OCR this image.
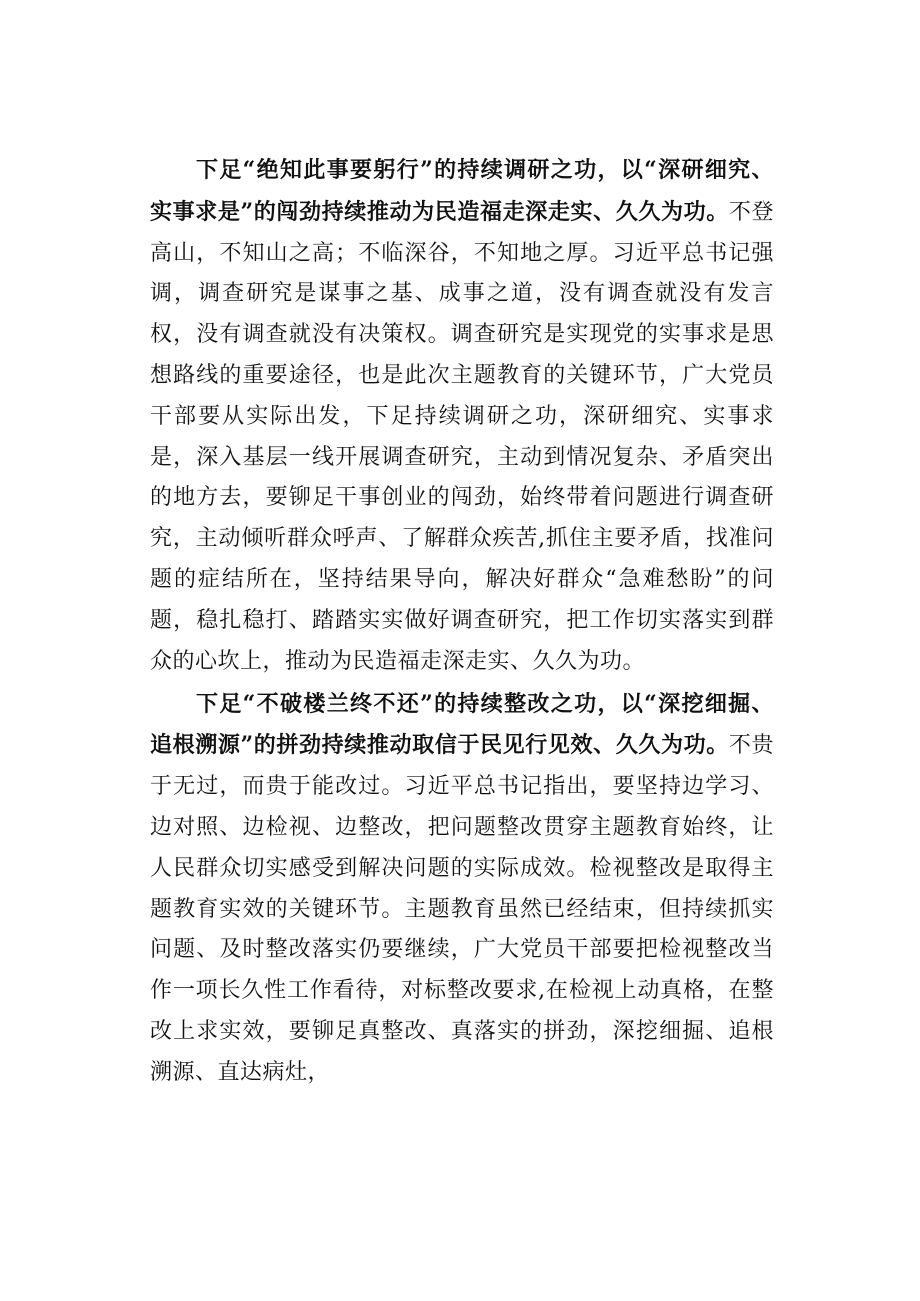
下足“绝知此事要躬行”的持续调研之功，以“深研细究、实事求是”的闯劲持续推动为民造福走深走实、久久为功。不登高山，不知山之高；不临深谷，不知地之厚。习近平总书记强调，调查研究是谋事之基、成事之道，没有调查就没有发言权，没有调查就没有决策权。调查研究是实现党的实事求是思想路线的重要途径，也是此次主题教育的关键环节，广大党员干部要从实际出发，下足持续调研之功，深研细究、实事求是，深入基层一线开展调查研究，主动到情况复杂、矛盾突出的地方去，要铆足干事创业的闯劲，始终带着问题进行调查研究，主动倾听群众呼声、了解群众疾苦,抓住主要矛盾，找准问题的症结所在，坚持结果导向，解决好群众“急难愁盼”的问题，稳扎稳打、踏踏实实做好调查研究，把工作切实落实到群众的心坎上，推动为民造福走深走实、久久为功。

下足“不破楼兰终不还”的持续整改之功，以“深挖细掘、追根溯源”的拼劲持续推动取信于民见行见效、久久为功。不贵于无过，而贵于能改过。习近平总书记指出，要坚持边学习、边对照、边检视、边整改，把问题整改贯穿主题教育始终，让人民群众切实感受到解决问题的实际成效。检视整改是取得主题教育实效的关键环节。主题教育虽然已经结束，但持续抓实问题、及时整改落实仍要继续，广大党员干部要把检视整改当作一项长久性工作看待，对标整改要求,在检视上动真格，在整改上求实效，要铆足真整改、真落实的拼劲，深挖细掘、追根溯源、直达病灶，
